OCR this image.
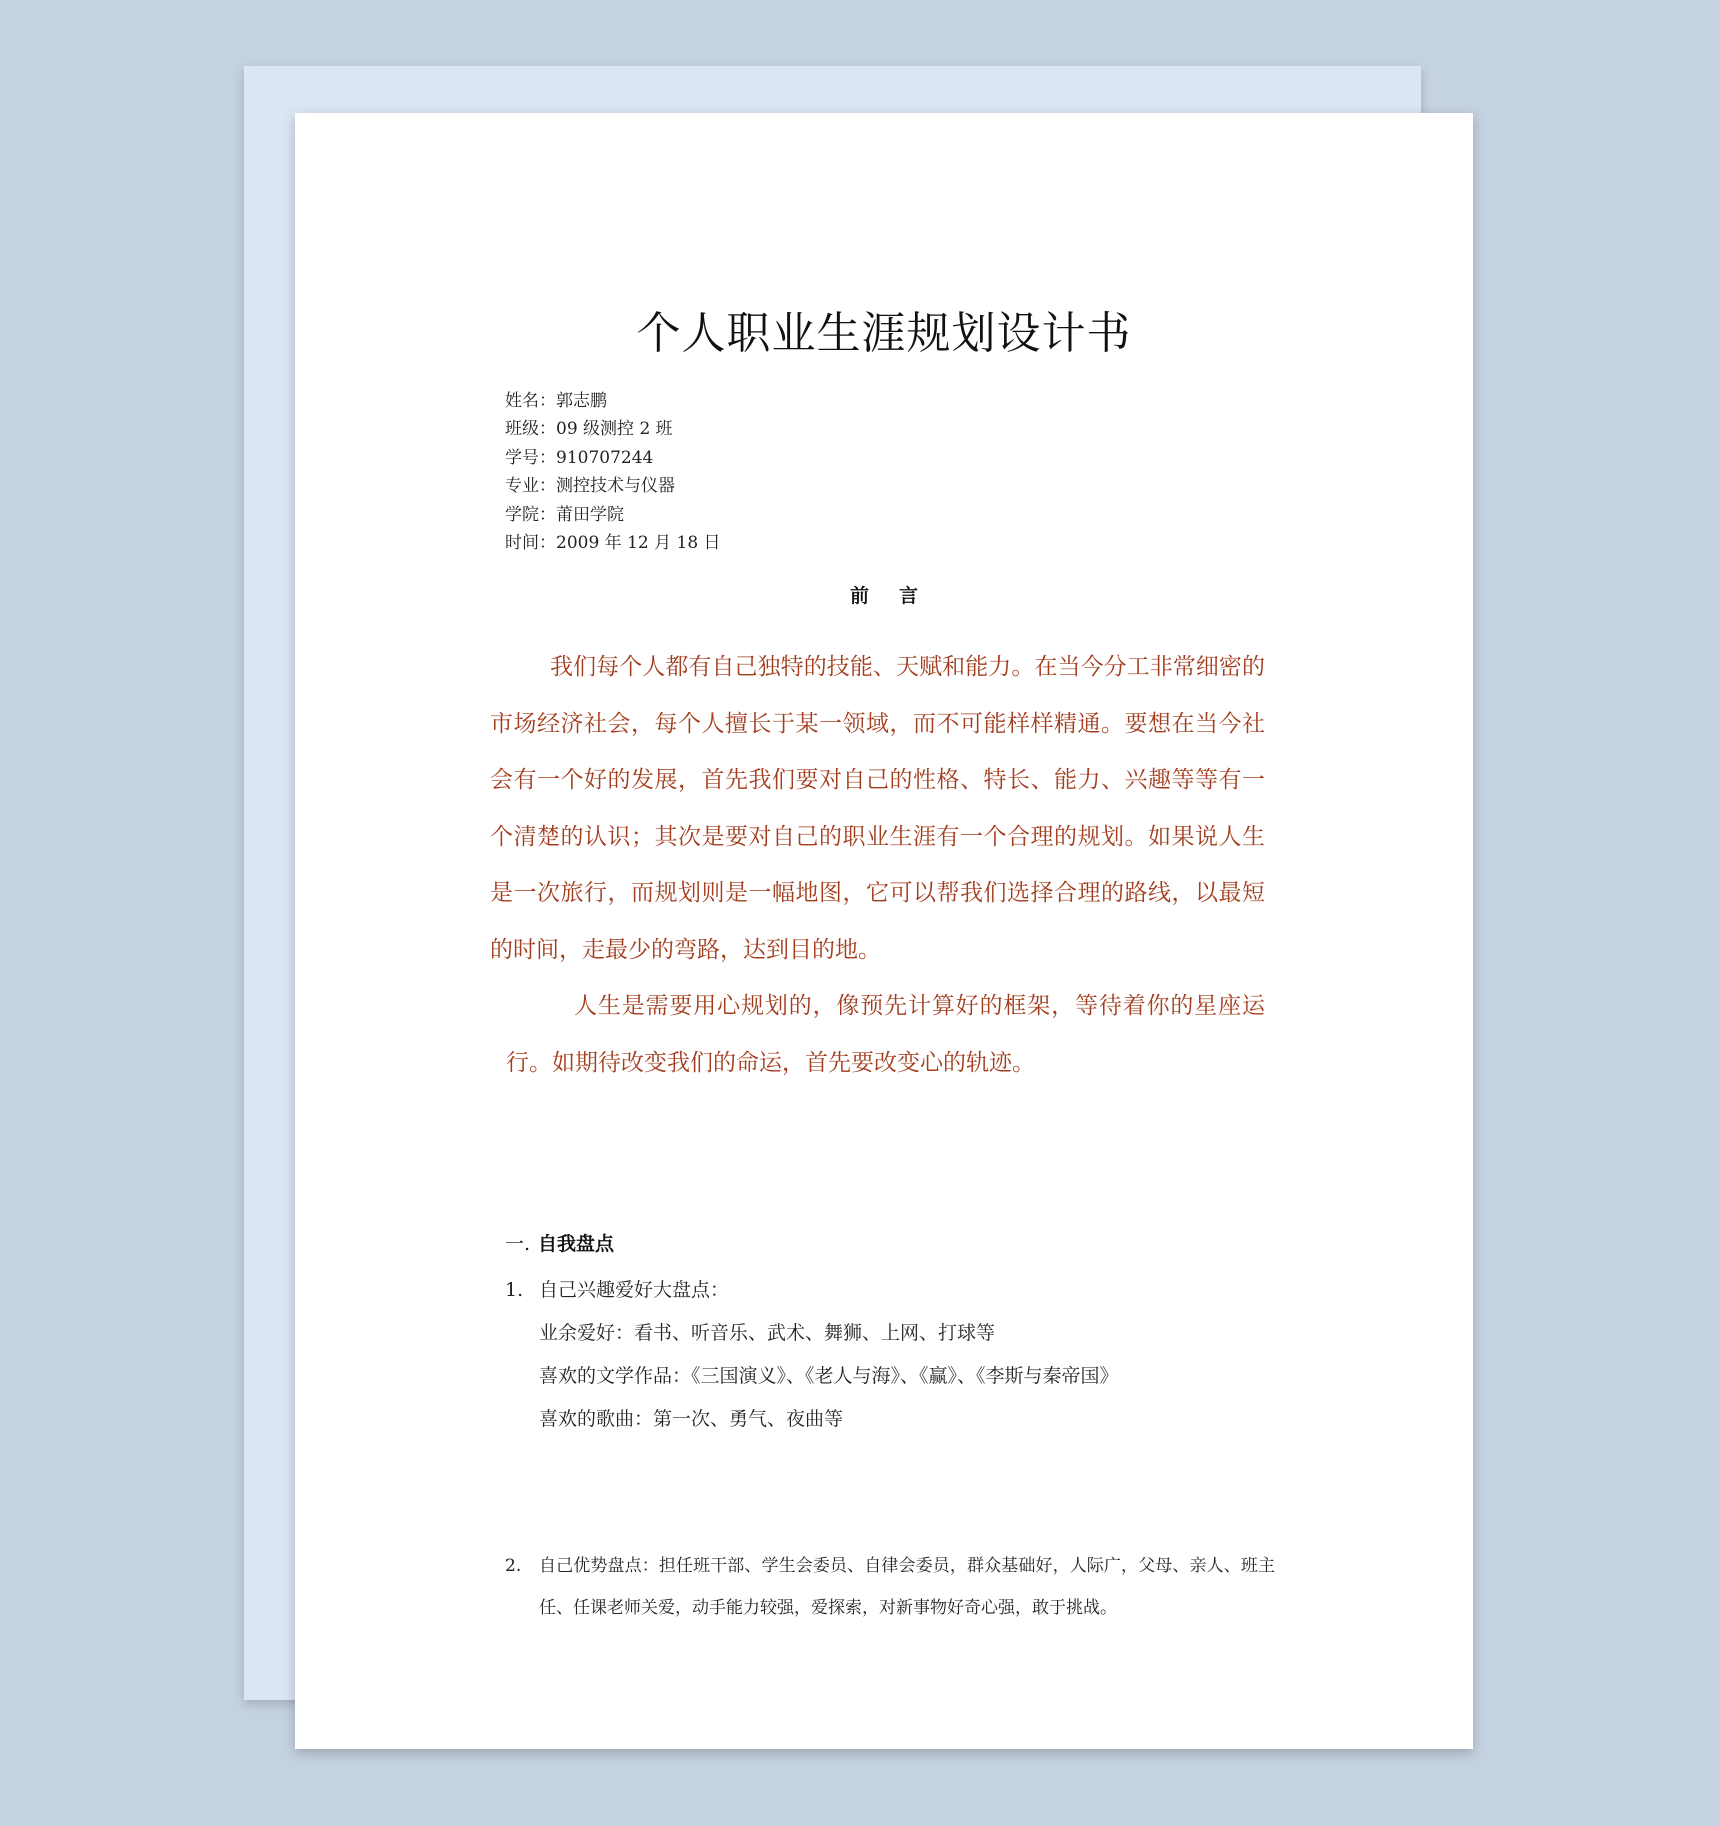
个人职业生涯规划设计书
姓名：郭志鹏
班级：09 级测控 2 班
学号：910707244
专业：测控技术与仪器
学院：莆田学院
时间：2009 年 12 月 18 日
前言

我们每个人都有自己独特的技能、天赋和能力。在当今分工非常细密的市场经济社会，每个人擅长于某一领域，而不可能样样精通。要想在当今社会有一个好的发展，首先我们要对自己的性格、特长、能力、兴趣等等有一个清楚的认识；其次是要对自己的职业生涯有一个合理的规划。如果说人生是一次旅行，而规划则是一幅地图，它可以帮我们选择合理的路线，以最短的时间，走最少的弯路，达到目的地。

人生是需要用心规划的，像预先计算好的框架，等待着你的星座运行。如期待改变我们的命运，首先要改变心的轨迹。

一. 自我盘点
1. 自己兴趣爱好大盘点：
业余爱好：看书、听音乐、武术、舞狮、上网、打球等
喜欢的文学作品：《三国演义》、《老人与海》、《赢》、《李斯与秦帝国》
喜欢的歌曲：第一次、勇气、夜曲等
2. 自己优势盘点：担任班干部、学生会委员、自律会委员，群众基础好，人际广，父母、亲人、班主任、任课老师关爱，动手能力较强，爱探索，对新事物好奇心强，敢于挑战。
